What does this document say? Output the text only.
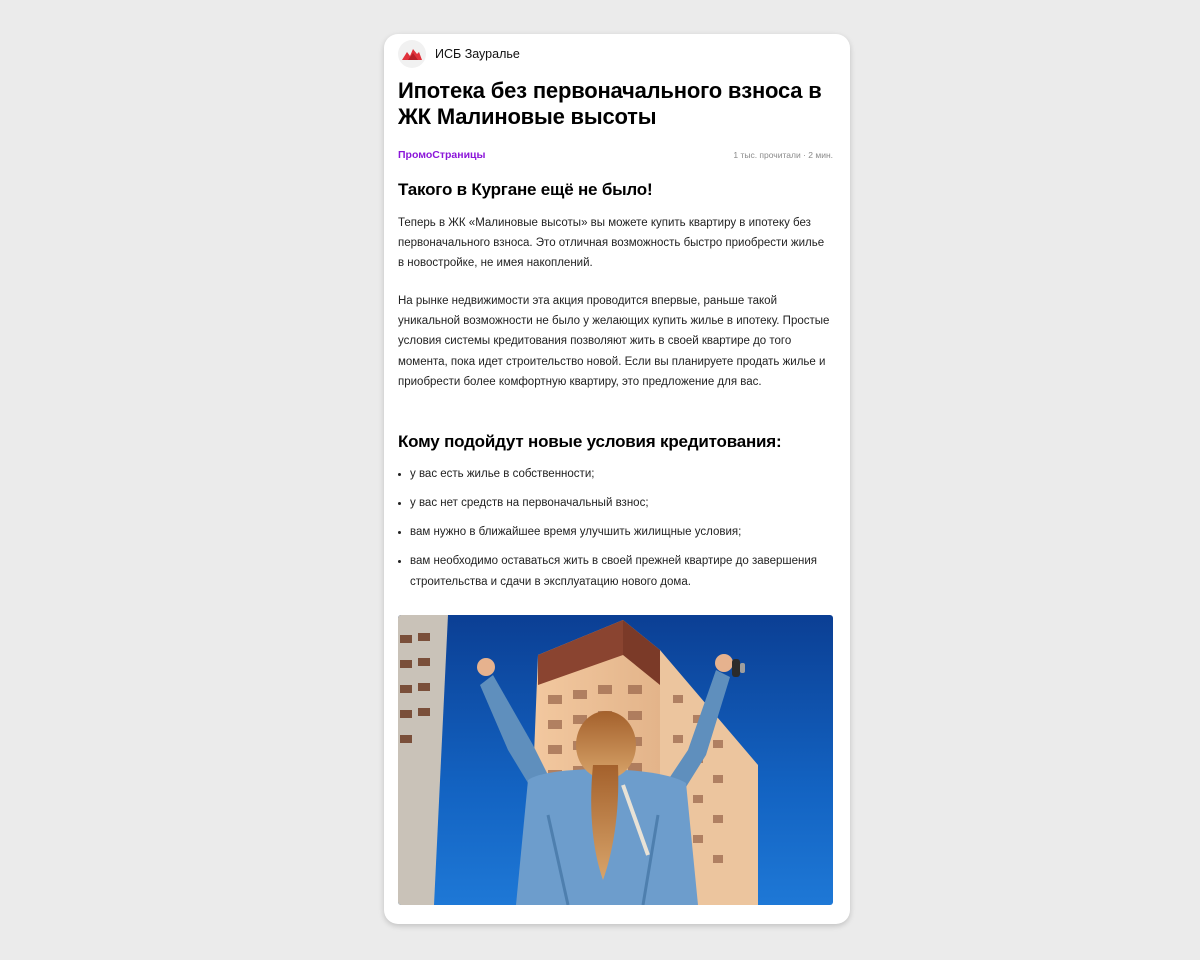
ИСБ Зауралье
Ипотека без первоначального взноса в ЖК Малиновые высоты
ПромоСтраницы	1 тыс. прочитали · 2 мин.
Такого в Кургане ещё не было!

Теперь в ЖК «Малиновые высоты» вы можете купить квартиру в ипотеку без первоначального взноса. Это отличная возможность быстро приобрести жилье в новостройке, не имея накоплений.

На рынке недвижимости эта акция проводится впервые, раньше такой уникальной возможности не было у желающих купить жилье в ипотеку. Простые условия системы кредитования позволяют жить в своей квартире до того момента, пока идет строительство новой. Если вы планируете продать жилье и приобрести более комфортную квартиру, это предложение для вас.

Кому подойдут новые условия кредитования:
• у вас есть жилье в собственности;
• у вас нет средств на первоначальный взнос;
• вам нужно в ближайшее время улучшить жилищные условия;
• вам необходимо оставаться жить в своей прежней квартире до завершения строительства и сдачи в эксплуатацию нового дома.
